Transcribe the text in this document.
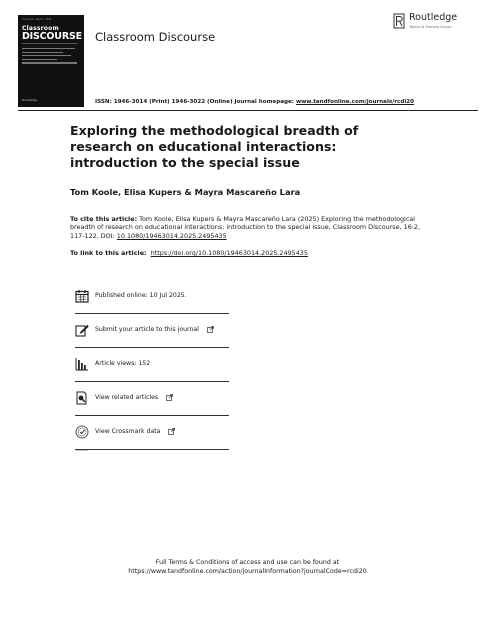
Volume 16 · Issue 2 · 2025
Classroom
DISCOURSE
Routledge
Classroom Discourse
Routledge
Taylor & Francis Group
ISSN: 1946-3014 (Print) 1946-3022 (Online) Journal homepage: www.tandfonline.com/journals/rcdi20
Exploring the methodological breadth of research on educational interactions: introduction to the special issue
Tom Koole, Elisa Kupers & Mayra Mascareño Lara
To cite this article: Tom Koole, Elisa Kupers & Mayra Mascareño Lara (2025) Exploring the methodological breadth of research on educational interactions: introduction to the special issue, Classroom Discourse, 16:2, 117-122, DOI: 10.1080/19463014.2025.2495435
To link to this article: https://doi.org/10.1080/19463014.2025.2495435
Published online: 10 Jul 2025.
Submit your article to this journal
Article views: 152
View related articles
CrossMark
View Crossmark data
Full Terms & Conditions of access and use can be found at
https://www.tandfonline.com/action/journalInformation?journalCode=rcdi20
